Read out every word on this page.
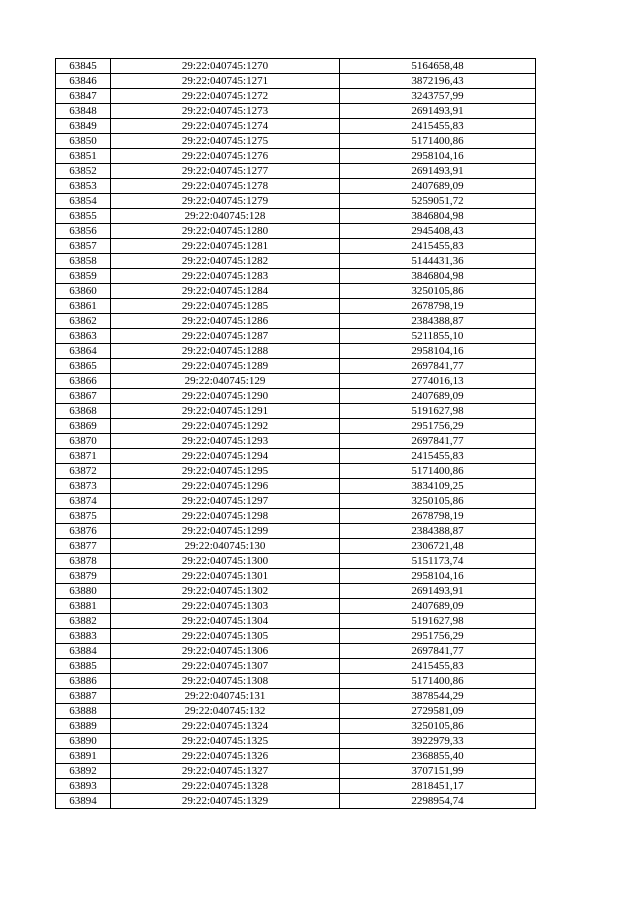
63845	29:22:040745:1270	5164658,48
63846	29:22:040745:1271	3872196,43
63847	29:22:040745:1272	3243757,99
63848	29:22:040745:1273	2691493,91
63849	29:22:040745:1274	2415455,83
63850	29:22:040745:1275	5171400,86
63851	29:22:040745:1276	2958104,16
63852	29:22:040745:1277	2691493,91
63853	29:22:040745:1278	2407689,09
63854	29:22:040745:1279	5259051,72
63855	29:22:040745:128	3846804,98
63856	29:22:040745:1280	2945408,43
63857	29:22:040745:1281	2415455,83
63858	29:22:040745:1282	5144431,36
63859	29:22:040745:1283	3846804,98
63860	29:22:040745:1284	3250105,86
63861	29:22:040745:1285	2678798,19
63862	29:22:040745:1286	2384388,87
63863	29:22:040745:1287	5211855,10
63864	29:22:040745:1288	2958104,16
63865	29:22:040745:1289	2697841,77
63866	29:22:040745:129	2774016,13
63867	29:22:040745:1290	2407689,09
63868	29:22:040745:1291	5191627,98
63869	29:22:040745:1292	2951756,29
63870	29:22:040745:1293	2697841,77
63871	29:22:040745:1294	2415455,83
63872	29:22:040745:1295	5171400,86
63873	29:22:040745:1296	3834109,25
63874	29:22:040745:1297	3250105,86
63875	29:22:040745:1298	2678798,19
63876	29:22:040745:1299	2384388,87
63877	29:22:040745:130	2306721,48
63878	29:22:040745:1300	5151173,74
63879	29:22:040745:1301	2958104,16
63880	29:22:040745:1302	2691493,91
63881	29:22:040745:1303	2407689,09
63882	29:22:040745:1304	5191627,98
63883	29:22:040745:1305	2951756,29
63884	29:22:040745:1306	2697841,77
63885	29:22:040745:1307	2415455,83
63886	29:22:040745:1308	5171400,86
63887	29:22:040745:131	3878544,29
63888	29:22:040745:132	2729581,09
63889	29:22:040745:1324	3250105,86
63890	29:22:040745:1325	3922979,33
63891	29:22:040745:1326	2368855,40
63892	29:22:040745:1327	3707151,99
63893	29:22:040745:1328	2818451,17
63894	29:22:040745:1329	2298954,74
